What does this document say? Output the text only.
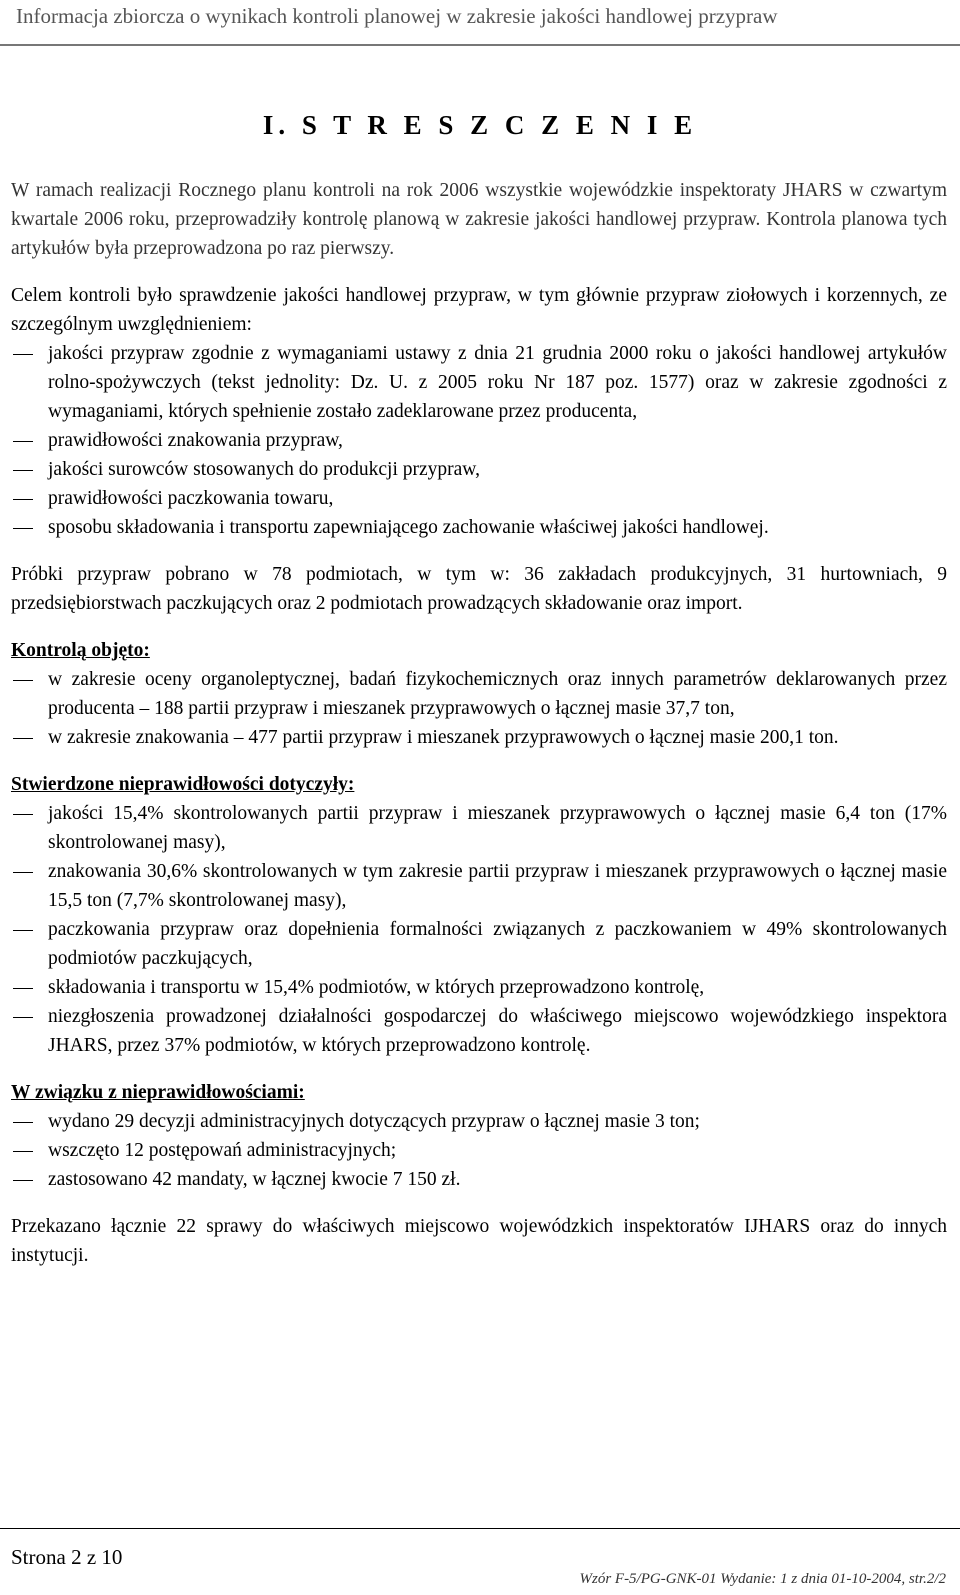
Informacja zbiorcza o wynikach kontroli planowej w zakresie jakości handlowej przypraw
I. S T R E S Z C Z E N I E

W ramach realizacji Rocznego planu kontroli na rok 2006 wszystkie wojewódzkie inspektoraty JHARS w czwartym kwartale 2006 roku, przeprowadziły kontrolę planową w zakresie jakości handlowej przypraw. Kontrola planowa tych artykułów była przeprowadzona po raz pierwszy.

Celem kontroli było sprawdzenie jakości handlowej przypraw, w tym głównie przypraw ziołowych i korzennych, ze szczególnym uwzględnieniem:

jakości przypraw zgodnie z wymaganiami ustawy z dnia 21 grudnia 2000 roku o jakości handlowej artykułów rolno-spożywczych (tekst jednolity: Dz. U. z 2005 roku Nr 187 poz. 1577) oraz w zakresie zgodności z wymaganiami, których spełnienie zostało zadeklarowane przez producenta,
prawidłowości znakowania przypraw,
jakości surowców stosowanych do produkcji przypraw,
prawidłowości paczkowania towaru,
sposobu składowania i transportu zapewniającego zachowanie właściwej jakości handlowej.

Próbki przypraw pobrano w 78 podmiotach, w tym w: 36 zakładach produkcyjnych, 31 hurtowniach, 9 przedsiębiorstwach paczkujących oraz 2 podmiotach prowadzących składowanie oraz import.

Kontrolą objęto:

w zakresie oceny organoleptycznej, badań fizykochemicznych oraz innych parametrów deklarowanych przez producenta – 188 partii przypraw i mieszanek przyprawowych o łącznej masie 37,7 ton,
w zakresie znakowania – 477 partii przypraw i mieszanek przyprawowych o łącznej masie 200,1 ton.

Stwierdzone nieprawidłowości dotyczyły:

jakości 15,4% skontrolowanych partii przypraw i mieszanek przyprawowych o łącznej masie 6,4 ton (17% skontrolowanej masy),
znakowania 30,6% skontrolowanych w tym zakresie partii przypraw i mieszanek przyprawowych o łącznej masie 15,5 ton (7,7% skontrolowanej masy),
paczkowania przypraw oraz dopełnienia formalności związanych z paczkowaniem w 49% skontrolowanych podmiotów paczkujących,
składowania i transportu w 15,4% podmiotów, w których przeprowadzono kontrolę,
niezgłoszenia prowadzonej działalności gospodarczej do właściwego miejscowo wojewódzkiego inspektora JHARS, przez 37% podmiotów, w których przeprowadzono kontrolę.

W związku z nieprawidłowościami:

wydano 29 decyzji administracyjnych dotyczących przypraw o łącznej masie 3 ton;
wszczęto 12 postępowań administracyjnych;
zastosowano 42 mandaty, w łącznej kwocie 7 150 zł.

Przekazano łącznie 22 sprawy do właściwych miejscowo wojewódzkich inspektoratów IJHARS oraz do innych instytucji.

Strona 2 z 10
Wzór F-5/PG-GNK-01 Wydanie: 1 z dnia 01-10-2004, str.2/2
